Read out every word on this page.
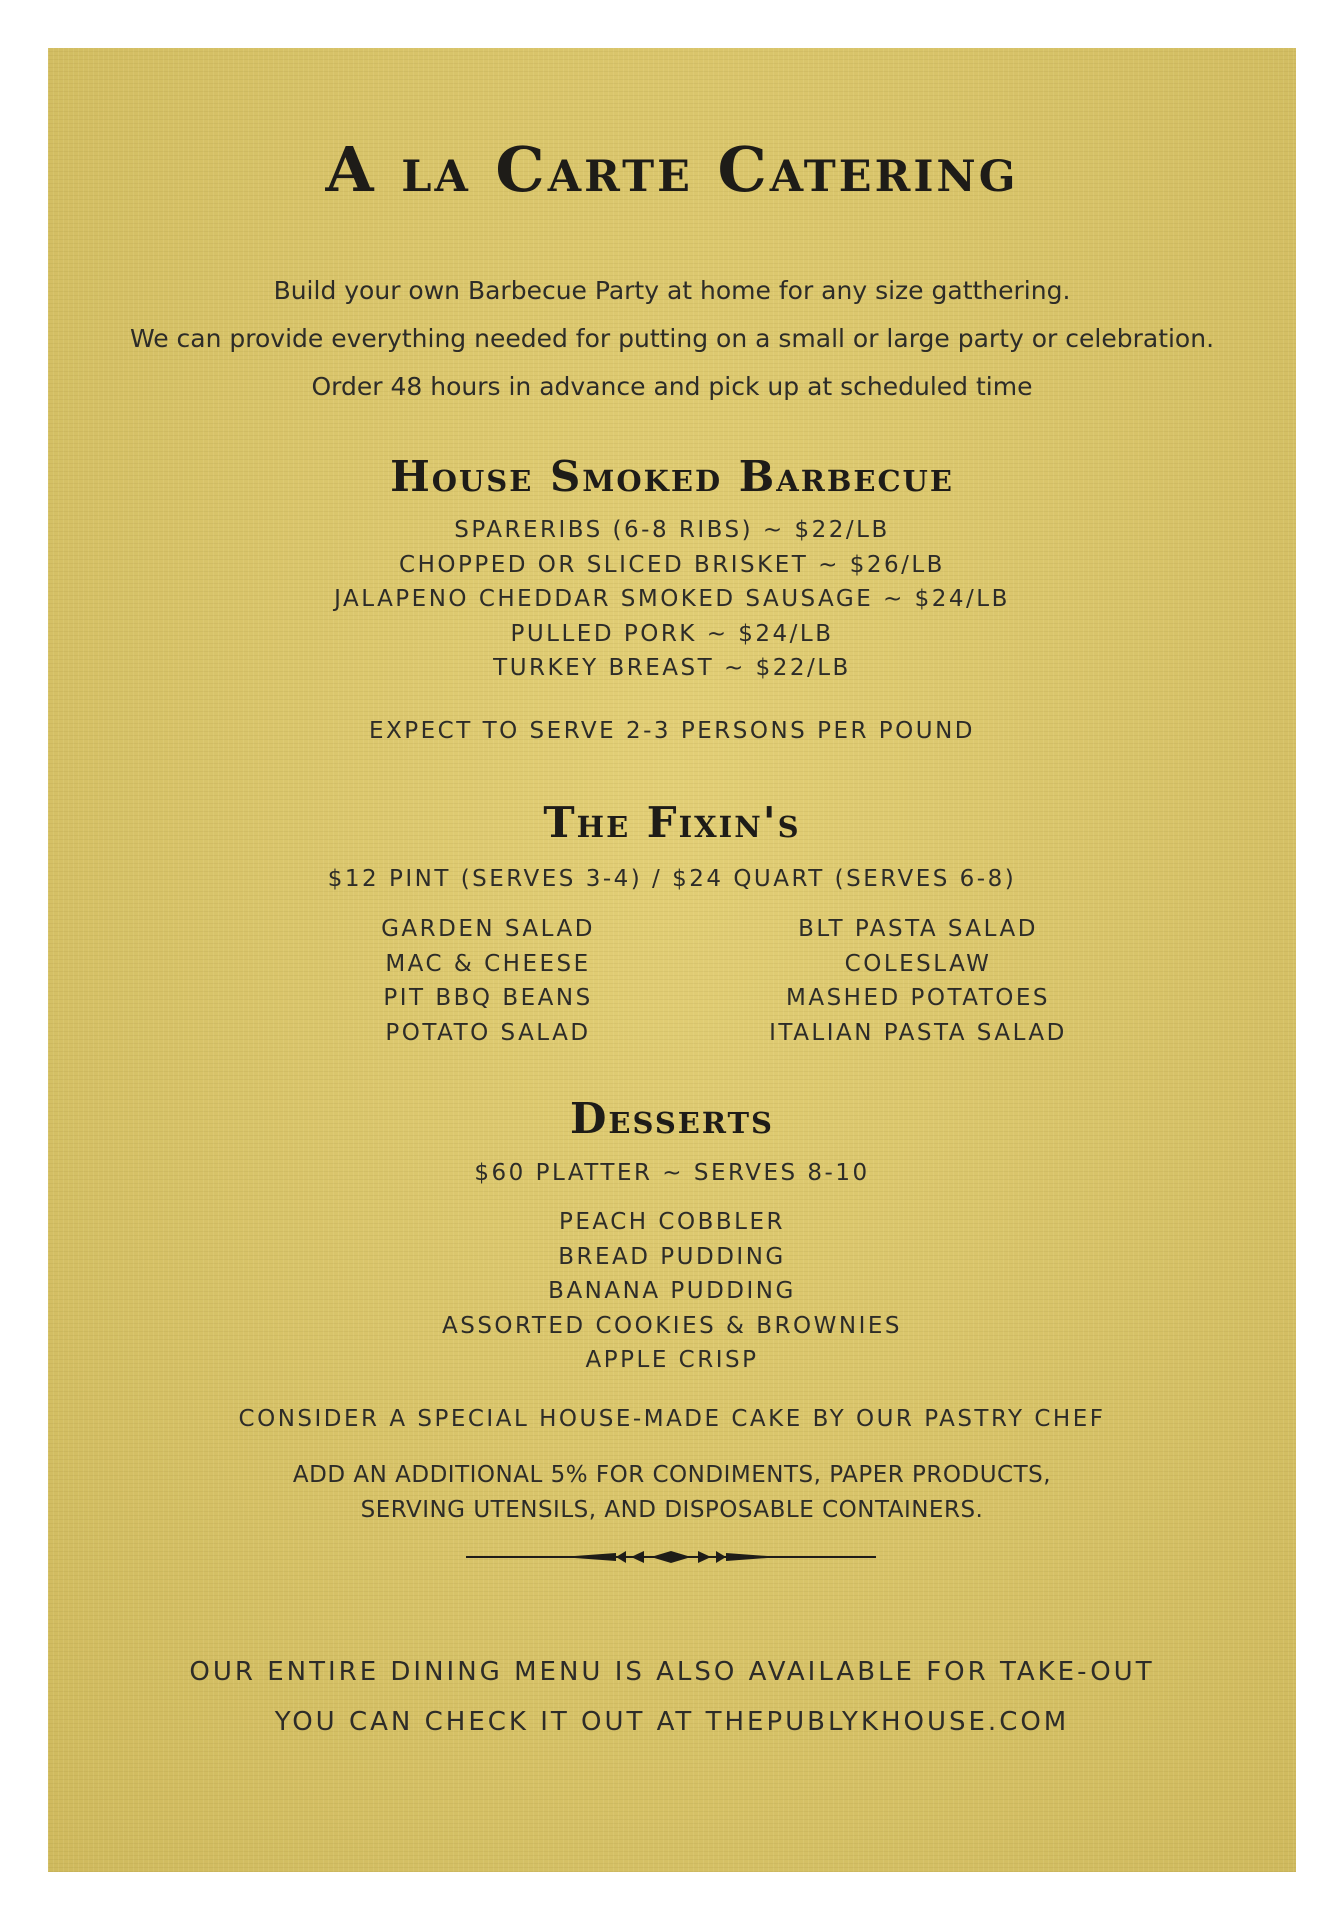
A la Carte Catering
Build your own Barbecue Party at home for any size gatthering.
We can provide everything needed for putting on a small or large party or celebration.
Order 48 hours in advance and pick up at scheduled time
House Smoked Barbecue
SPARERIBS (6-8 RIBS) ~ $22/LB
CHOPPED OR SLICED BRISKET ~ $26/LB
JALAPENO CHEDDAR SMOKED SAUSAGE ~ $24/LB
PULLED PORK ~ $24/LB
TURKEY BREAST ~ $22/LB
EXPECT TO SERVE 2-3 PERSONS PER POUND
The Fixin's
$12 PINT (SERVES 3-4) / $24 QUART (SERVES 6-8)
GARDEN SALAD
MAC & CHEESE
PIT BBQ BEANS
POTATO SALAD
BLT PASTA SALAD
COLESLAW
MASHED POTATOES
ITALIAN PASTA SALAD
Desserts
$60 PLATTER ~ SERVES 8-10
PEACH COBBLER
BREAD PUDDING
BANANA PUDDING
ASSORTED COOKIES & BROWNIES
APPLE CRISP
CONSIDER A SPECIAL HOUSE-MADE CAKE BY OUR PASTRY CHEF
ADD AN ADDITIONAL 5% FOR CONDIMENTS, PAPER PRODUCTS,
SERVING UTENSILS, AND DISPOSABLE CONTAINERS.
OUR ENTIRE DINING MENU IS ALSO AVAILABLE FOR TAKE-OUT
YOU CAN CHECK IT OUT AT THEPUBLYKHOUSE.COM
